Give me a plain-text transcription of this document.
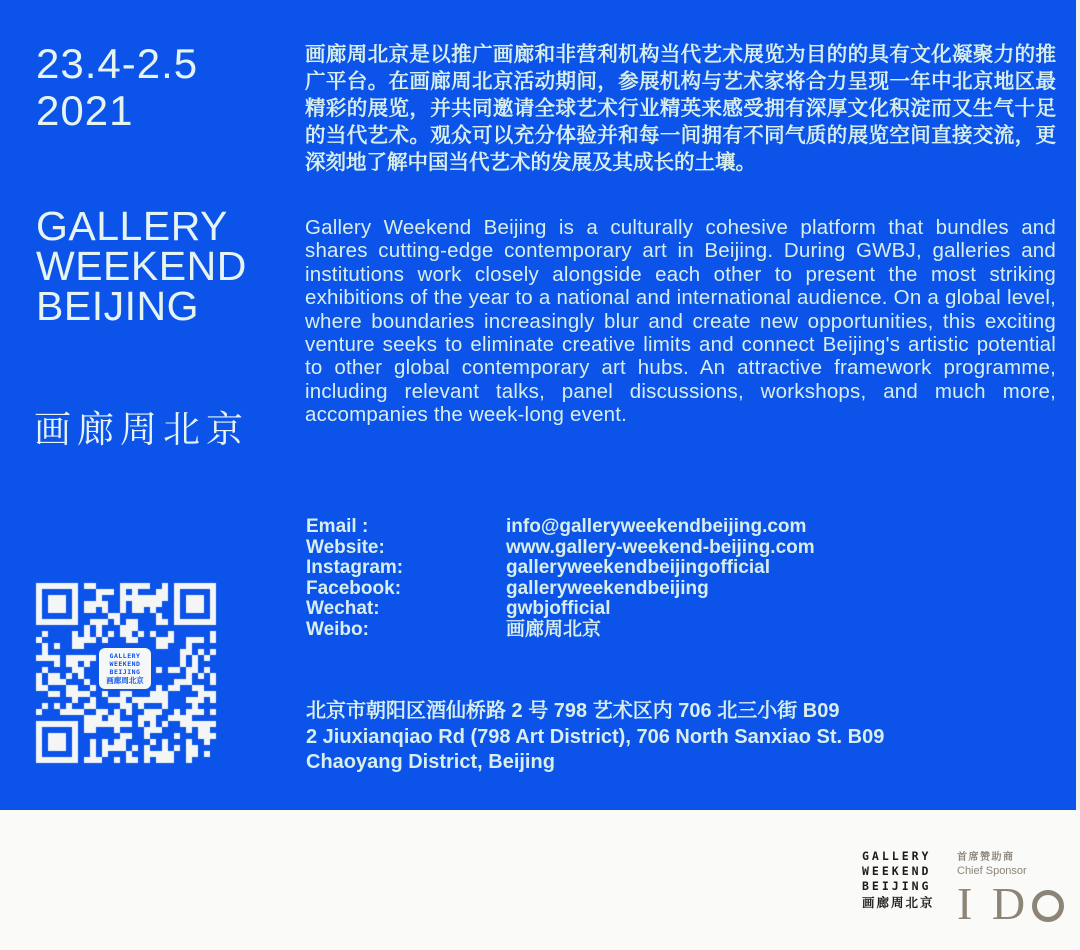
23.4-2.5
2021
GALLERY
WEEKEND
BEIJING
画廊周北京
画廊周北京是以推广画廊和非营利机构当代艺术展览为目的的具有文化凝聚力的推广平台。在画廊周北京活动期间，参展机构与艺术家将合力呈现一年中北京地区最精彩的展览，并共同邀请全球艺术行业精英来感受拥有深厚文化积淀而又生气十足的当代艺术。观众可以充分体验并和每一间拥有不同气质的展览空间直接交流，更深刻地了解中国当代艺术的发展及其成长的土壤。
Gallery Weekend Beijing is a culturally cohesive platform that bundles and shares cutting-edge contemporary art in Beijing. During GWBJ, galleries and institutions work closely alongside each other to present the most striking exhibitions of the year to a national and international audience. On a global level, where boundaries increasingly blur and create new opportunities, this exciting venture seeks to eliminate creative limits and connect Beijing's artistic potential to other global contemporary art hubs. An attractive framework programme, including relevant talks, panel discussions, workshops, and much more, accompanies the week-long event.
Email :	info@galleryweekendbeijing.com
Website:	www.gallery-weekend-beijing.com
Instagram:	galleryweekendbeijingofficial
Facebook:	galleryweekendbeijing
Wechat:	gwbjofficial
Weibo:	画廊周北京
GALLERY
WEEKEND
BEIJING
画廊周北京
北京市朝阳区酒仙桥路 2 号 798 艺术区内 706 北三小街 B09
2 Jiuxianqiao Rd (798 Art District), 706 North Sanxiao St. B09
Chaoyang District, Beijing
GALLERY
WEEKEND
BEIJING
画廊周北京
首席赞助商
Chief Sponsor
I D
